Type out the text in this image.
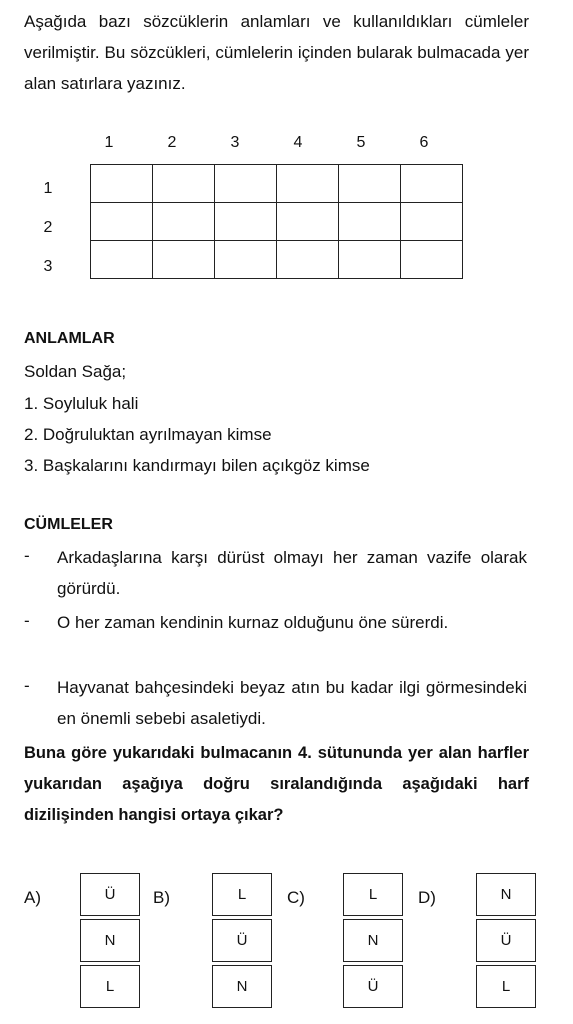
Aşağıda bazı sözcüklerin anlamları ve kullanıldıkları cümleler verilmiştir. Bu sözcükleri, cümlelerin içinden bularak bulmacada yer alan satırlara yazınız.
1	2	3	4	5	6
1
2
3

ANLAMLAR
Soldan Sağa;
1. Soyluluk hali
2. Doğruluktan ayrılmayan kimse
3. Başkalarını kandırmayı bilen açıkgöz kimse
CÜMLELER
- Arkadaşlarına karşı dürüst olmayı her zaman vazife olarak görürdü.
- O her zaman kendinin kurnaz olduğunu öne sürerdi.
- Hayvanat bahçesindeki beyaz atın bu kadar ilgi görmesindeki en önemli sebebi asaletiydi.
Buna göre yukarıdaki bulmacanın 4. sütununda yer alan harfler yukarıdan aşağıya doğru sıralandığında aşağıdaki harf dizilişinden hangisi ortaya çıkar?
A)	Ü
N
L
B)	L
Ü
N
C)	L
N
Ü
D)	N
Ü
L
